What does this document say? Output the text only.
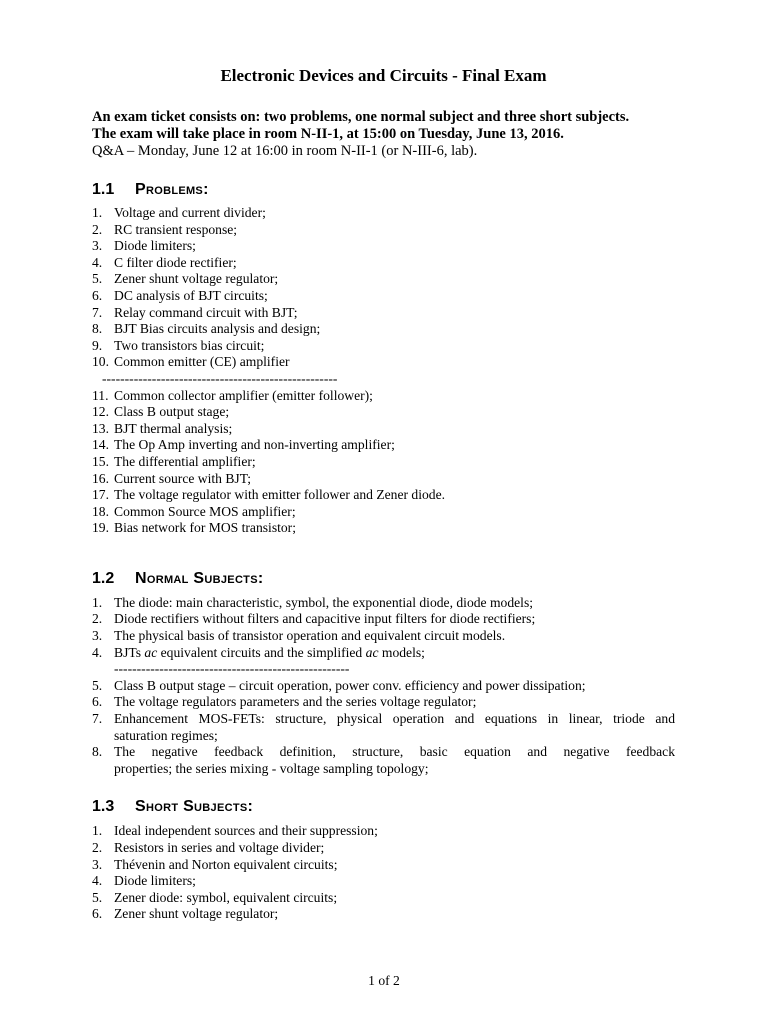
Electronic Devices and Circuits - Final Exam

An exam ticket consists on: two problems, one normal subject and three short subjects.

The exam will take place in room N-II-1, at 15:00 on Tuesday, June 13, 2016.

Q&A – Monday, June 12 at 16:00 in room N-II-1 (or N-III-6, lab).

1.1	Problems:
1. Voltage and current divider;
2. RC transient response;
3. Diode limiters;
4. C filter diode rectifier;
5. Zener shunt voltage regulator;
6. DC analysis of BJT circuits;
7. Relay command circuit with BJT;
8. BJT Bias circuits analysis and design;
9. Two transistors bias circuit;
10. Common emitter (CE) amplifier
----------------------------------------------------
11. Common collector amplifier (emitter follower);
12. Class B output stage;
13. BJT thermal analysis;
14. The Op Amp inverting and non-inverting amplifier;
15. The differential amplifier;
16. Current source with BJT;
17. The voltage regulator with emitter follower and Zener diode.
18. Common Source MOS amplifier;
19. Bias network for MOS transistor;
1.2	Normal Subjects:
1. The diode: main characteristic, symbol, the exponential diode, diode models;
2. Diode rectifiers without filters and capacitive input filters for diode rectifiers;
3. The physical basis of transistor operation and equivalent circuit models.
4. BJTs ac equivalent circuits and the simplified ac models;
----------------------------------------------------
5. Class B output stage – circuit operation, power conv. efficiency and power dissipation;
6. The voltage regulators parameters and the series voltage regulator;
7. Enhancement MOS-FETs: structure, physical operation and equations in linear, triode and
saturation regimes;
8. The negative feedback definition, structure, basic equation and negative feedback
properties; the series mixing - voltage sampling topology;
1.3	Short Subjects:
1. Ideal independent sources and their suppression;
2. Resistors in series and voltage divider;
3. Thévenin and Norton equivalent circuits;
4. Diode limiters;
5. Zener diode: symbol, equivalent circuits;
6. Zener shunt voltage regulator;
1 of 2
